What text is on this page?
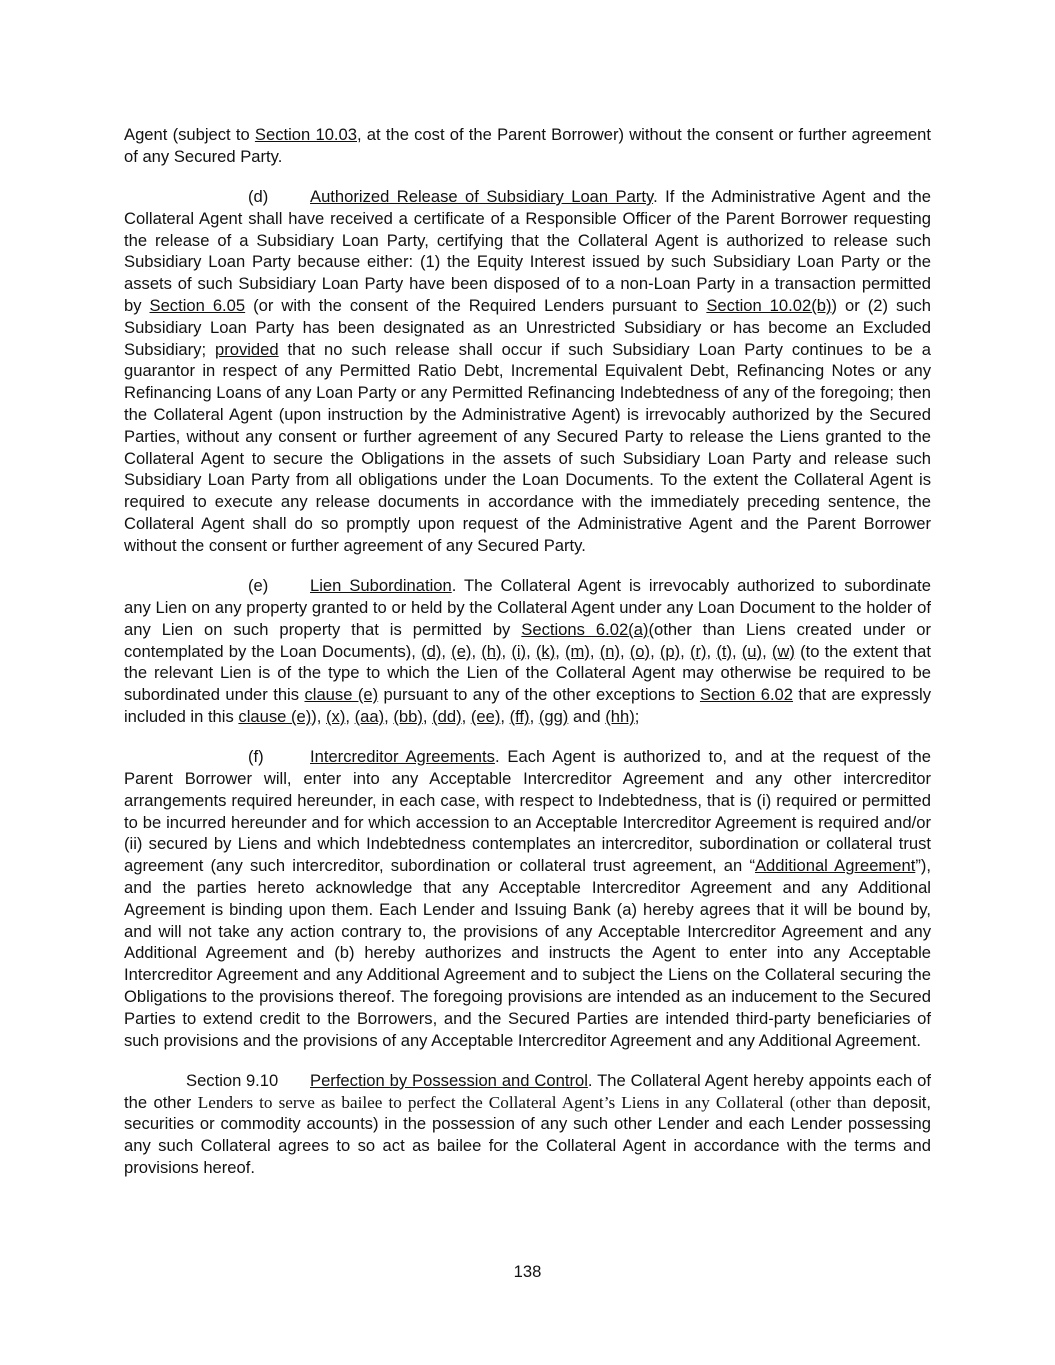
Agent (subject to Section 10.03, at the cost of the Parent Borrower) without the consent or further agreement of any Secured Party.

(d)	Authorized Release of Subsidiary Loan Party. If the Administrative Agent and the Collateral Agent shall have received a certificate of a Responsible Officer of the Parent Borrower requesting the release of a Subsidiary Loan Party, certifying that the Collateral Agent is authorized to release such Subsidiary Loan Party because either: (1) the Equity Interest issued by such Subsidiary Loan Party or the assets of such Subsidiary Loan Party have been disposed of to a non-Loan Party in a transaction permitted by Section 6.05 (or with the consent of the Required Lenders pursuant to Section 10.02(b)) or (2) such Subsidiary Loan Party has been designated as an Unrestricted Subsidiary or has become an Excluded Subsidiary; provided that no such release shall occur if such Subsidiary Loan Party continues to be a guarantor in respect of any Permitted Ratio Debt, Incremental Equivalent Debt, Refinancing Notes or any Refinancing Loans of any Loan Party or any Permitted Refinancing Indebtedness of any of the foregoing; then the Collateral Agent (upon instruction by the Administrative Agent) is irrevocably authorized by the Secured Parties, without any consent or further agreement of any Secured Party to release the Liens granted to the Collateral Agent to secure the Obligations in the assets of such Subsidiary Loan Party and release such Subsidiary Loan Party from all obligations under the Loan Documents. To the extent the Collateral Agent is required to execute any release documents in accordance with the immediately preceding sentence, the Collateral Agent shall do so promptly upon request of the Administrative Agent and the Parent Borrower without the consent or further agreement of any Secured Party.

(e)	Lien Subordination. The Collateral Agent is irrevocably authorized to subordinate any Lien on any property granted to or held by the Collateral Agent under any Loan Document to the holder of any Lien on such property that is permitted by Sections 6.02(a)(other than Liens created under or contemplated by the Loan Documents), (d), (e), (h), (i), (k), (m), (n), (o), (p), (r), (t), (u), (w) (to the extent that the relevant Lien is of the type to which the Lien of the Collateral Agent may otherwise be required to be subordinated under this clause (e) pursuant to any of the other exceptions to Section 6.02 that are expressly included in this clause (e)), (x), (aa), (bb), (dd), (ee), (ff), (gg) and (hh);

(f)	Intercreditor Agreements. Each Agent is authorized to, and at the request of the Parent Borrower will, enter into any Acceptable Intercreditor Agreement and any other intercreditor arrangements required hereunder, in each case, with respect to Indebtedness, that is (i) required or permitted to be incurred hereunder and for which accession to an Acceptable Intercreditor Agreement is required and/or (ii) secured by Liens and which Indebtedness contemplates an intercreditor, subordination or collateral trust agreement (any such intercreditor, subordination or collateral trust agreement, an “Additional Agreement”), and the parties hereto acknowledge that any Acceptable Intercreditor Agreement and any Additional Agreement is binding upon them. Each Lender and Issuing Bank (a) hereby agrees that it will be bound by, and will not take any action contrary to, the provisions of any Acceptable Intercreditor Agreement and any Additional Agreement and (b) hereby authorizes and instructs the Agent to enter into any Acceptable Intercreditor Agreement and any Additional Agreement and to subject the Liens on the Collateral securing the Obligations to the provisions thereof. The foregoing provisions are intended as an inducement to the Secured Parties to extend credit to the Borrowers, and the Secured Parties are intended third-party beneficiaries of such provisions and the provisions of any Acceptable Intercreditor Agreement and any Additional Agreement.

Section 9.10 Perfection by Possession and Control. The Collateral Agent hereby appoints each of the other Lenders to serve as bailee to perfect the Collateral Agent’s Liens in any Collateral (other than deposit, securities or commodity accounts) in the possession of any such other Lender and each Lender possessing any such Collateral agrees to so act as bailee for the Collateral Agent in accordance with the terms and provisions hereof.

138
